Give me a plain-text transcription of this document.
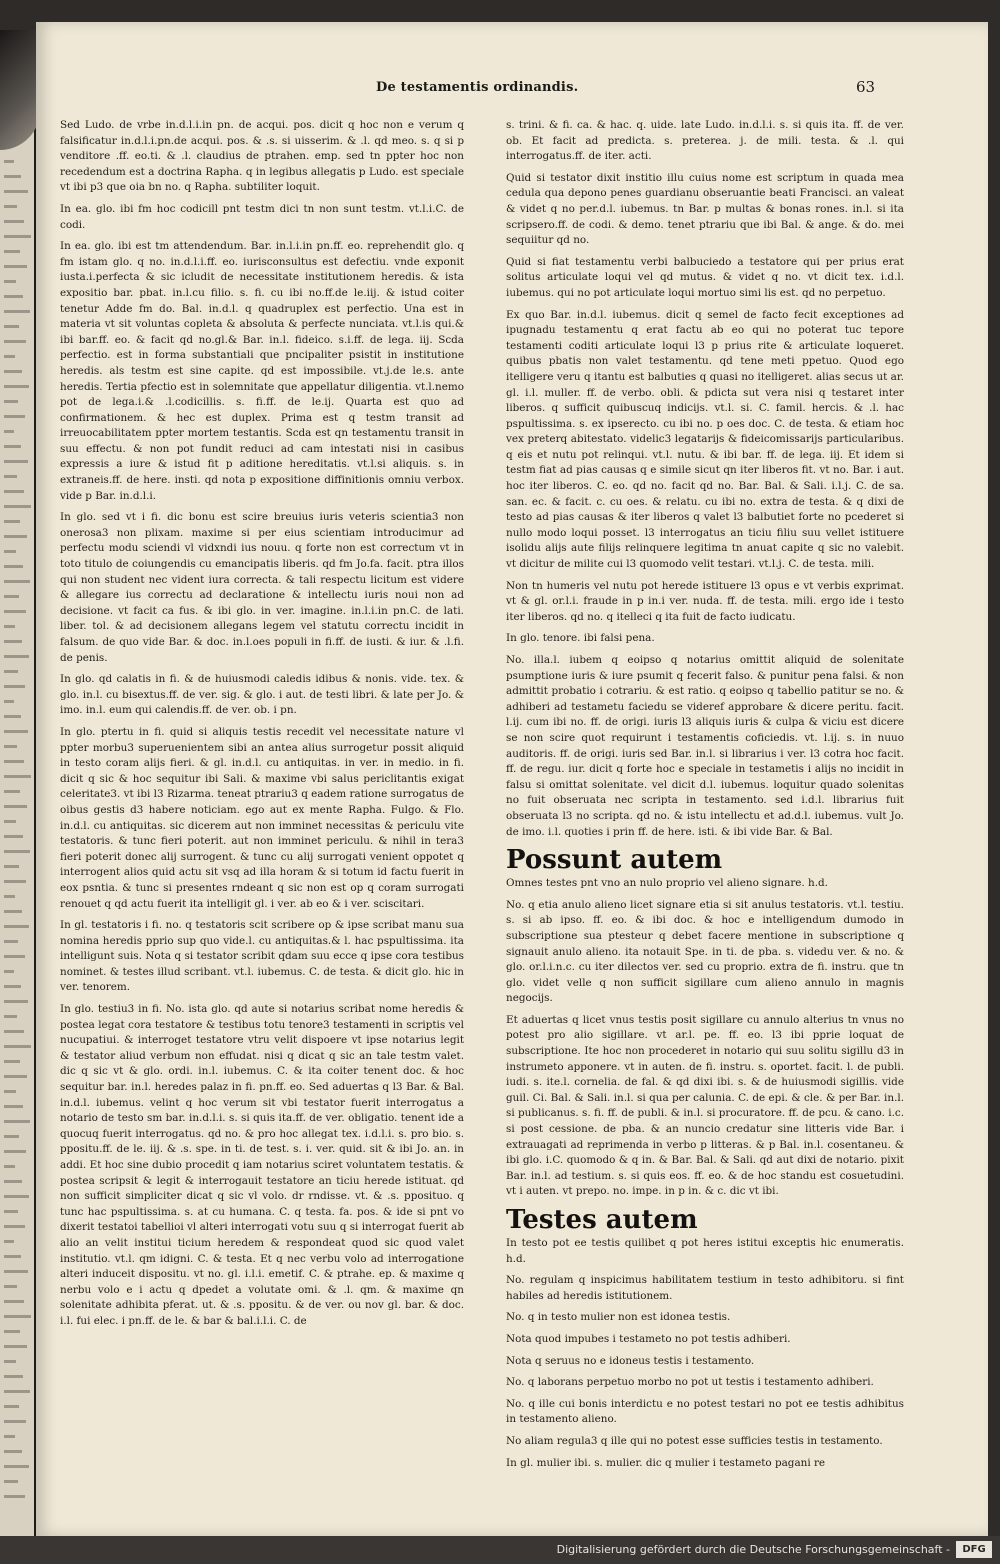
De testamentis ordinandis.	63

Sed Ludo. de vrbe in.d.l.i.in pn. de acqui. pos. dicit q hoc non e verum q falsificatur in.d.l.i.pn.de acqui. pos. & .s. si uisserim. & .l. qd meo. s. q si p venditore .ff. eo.ti. & .l. claudius de ptrahen. emp. sed tn ppter hoc non recedendum est a doctrina Rapha. q in legibus allegatis p Ludo. est speciale vt ibi p3 que oia bn no. q Rapha. subtiliter loquit.

In ea. glo. ibi fm hoc codicill pnt testm dici tn non sunt testm. vt.l.i.C. de codi.

In ea. glo. ibi est tm attendendum. Bar. in.l.i.in pn.ff. eo. reprehendit glo. q fm istam glo. q no. in.d.l.i.ff. eo. iurisconsultus est defectiu. vnde exponit iusta.i.perfecta & sic icludit de necessitate institutionem heredis. & ista expositio bar. pbat. in.l.cu filio. s. fi. cu ibi no.ff.de le.iij. & istud coiter tenetur Adde fm do. Bal. in.d.l. q quadruplex est perfectio. Una est in materia vt sit voluntas copleta & absoluta & perfecte nunciata. vt.l.is qui.& ibi bar.ff. eo. & facit qd no.gl.& Bar. in.l. fideico. s.i.ff. de lega. iij. Scda perfectio. est in forma substantiali que pncipaliter psistit in institutione heredis. als testm est sine capite. qd est impossibile. vt.j.de le.s. ante heredis. Tertia pfectio est in solemnitate que appellatur diligentia. vt.l.nemo pot de lega.i.& .l.codicillis. s. fi.ff. de le.ij. Quarta est quo ad confirmationem. & hec est duplex. Prima est q testm transit ad irreuocabilitatem ppter mortem testantis. Scda est qn testamentu transit in suu effectu. & non pot fundit reduci ad cam intestati nisi in casibus expressis a iure & istud fit p aditione hereditatis. vt.l.si aliquis. s. in extraneis.ff. de here. insti. qd nota p expositione diffinitionis omniu verbox. vide p Bar. in.d.l.i.

In glo. sed vt i fi. dic bonu est scire breuius iuris veteris scientia3 non onerosa3 non plixam. maxime si per eius scientiam introducimur ad perfectu modu sciendi vl vidxndi ius nouu. q forte non est correctum vt in toto titulo de coiungendis cu emancipatis liberis. qd fm Jo.fa. facit. ptra illos qui non student nec vident iura correcta. & tali respectu licitum est videre & allegare ius correctu ad declaratione & intellectu iuris noui non ad decisione. vt facit ca fus. & ibi glo. in ver. imagine. in.l.i.in pn.C. de lati. liber. tol. & ad decisionem allegans legem vel statutu correctu incidit in falsum. de quo vide Bar. & doc. in.l.oes populi in fi.ff. de iusti. & iur. & .l.fi. de penis.

In glo. qd calatis in fi. & de huiusmodi caledis idibus & nonis. vide. tex. & glo. in.l. cu bisextus.ff. de ver. sig. & glo. i aut. de testi libri. & late per Jo. & imo. in.l. eum qui calendis.ff. de ver. ob. i pn.

In glo. ptertu in fi. quid si aliquis testis recedit vel necessitate nature vl ppter morbu3 superuenientem sibi an antea alius surrogetur possit aliquid in testo coram alijs fieri. & gl. in.d.l. cu antiquitas. in ver. in medio. in fi. dicit q sic & hoc sequitur ibi Sali. & maxime vbi salus periclitantis exigat celeritate3. vt ibi l3 Rizarma. teneat ptrariu3 q eadem ratione surrogatus de oibus gestis d3 habere noticiam. ego aut ex mente Rapha. Fulgo. & Flo. in.d.l. cu antiquitas. sic dicerem aut non imminet necessitas & periculu vite testatoris. & tunc fieri poterit. aut non imminet periculu. & nihil in tera3 fieri poterit donec alij surrogent. & tunc cu alij surrogati venient oppotet q interrogent alios quid actu sit vsq ad illa horam & si totum id factu fuerit in eox psntia. & tunc si presentes rndeant q sic non est op q coram surrogati renouet q qd actu fuerit ita intelligit gl. i ver. ab eo & i ver. sciscitari.

In gl. testatoris i fi. no. q testatoris scit scribere op & ipse scribat manu sua nomina heredis pprio sup quo vide.l. cu antiquitas.& l. hac pspultissima. ita intelligunt suis. Nota q si testator scribit qdam suu ecce q ipse cora testibus nominet. & testes illud scribant. vt.l. iubemus. C. de testa. & dicit glo. hic in ver. tenorem.

In glo. testiu3 in fi. No. ista glo. qd aute si notarius scribat nome heredis & postea legat cora testatore & testibus totu tenore3 testamenti in scriptis vel nucupatiui. & interroget testatore vtru velit dispoere vt ipse notarius legit & testator aliud verbum non effudat. nisi q dicat q sic an tale testm valet. dic q sic vt & glo. ordi. in.l. iubemus. C. & ita coiter tenent doc. & hoc sequitur bar. in.l. heredes palaz in fi. pn.ff. eo. Sed aduertas q l3 Bar. & Bal. in.d.l. iubemus. velint q hoc verum sit vbi testator fuerit interrogatus a notario de testo sm bar. in.d.l.i. s. si quis ita.ff. de ver. obligatio. tenent ide a quocuq fuerit interrogatus. qd no. & pro hoc allegat tex. i.d.l.i. s. pro bio. s. ppositu.ff. de le. iij. & .s. spe. in ti. de test. s. i. ver. quid. sit & ibi Jo. an. in addi. Et hoc sine dubio procedit q iam notarius sciret voluntatem testatis. & postea scripsit & legit & interrogauit testatore an ticiu herede istituat. qd non sufficit simpliciter dicat q sic vl volo. dr rndisse. vt. & .s. pposituo. q tunc hac pspultissima. s. at cu humana. C. q testa. fa. pos. & ide si pnt vo dixerit testatoi tabellioi vl alteri interrogati votu suu q si interrogat fuerit ab alio an velit institui ticium heredem & respondeat quod sic quod valet institutio. vt.l. qm idigni. C. & testa. Et q nec verbu volo ad interrogatione alteri induceit dispositu. vt no. gl. i.l.i. emetif. C. & ptrahe. ep. & maxime q nerbu volo e i actu q dpedet a volutate omi. & .l. qm. & maxime qn solenitate adhibita pferat. ut. & .s. ppositu. & de ver. ou nov gl. bar. & doc. i.l. fui elec. i pn.ff. de le. & bar & bal.i.l.i. C. de

s. trini. & fi. ca. & hac. q. uide. late Ludo. in.d.l.i. s. si quis ita. ff. de ver. ob. Et facit ad predicta. s. preterea. j. de mili. testa. & .l. qui interrogatus.ff. de iter. acti.

Quid si testator dixit institio illu cuius nome est scriptum in quada mea cedula qua depono penes guardianu obseruantie beati Francisci. an valeat & videt q no per.d.l. iubemus. tn Bar. p multas & bonas rones. in.l. si ita scripsero.ff. de codi. & demo. tenet ptrariu que ibi Bal. & ange. & do. mei sequiitur qd no.

Quid si fiat testamentu verbi balbuciedo a testatore qui per prius erat solitus articulate loqui vel qd mutus. & videt q no. vt dicit tex. i.d.l. iubemus. qui no pot articulate loqui mortuo simi lis est. qd no perpetuo.

Ex quo Bar. in.d.l. iubemus. dicit q semel de facto fecit exceptiones ad ipugnadu testamentu q erat factu ab eo qui no poterat tuc tepore testamenti coditi articulate loqui l3 p prius rite & articulate loqueret. quibus pbatis non valet testamentu. qd tene meti ppetuo. Quod ego itelligere veru q itantu est balbuties q quasi no itelligeret. alias secus ut ar. gl. i.l. muller. ff. de verbo. obli. & pdicta sut vera nisi q testaret inter liberos. q sufficit quibuscuq indicijs. vt.l. si. C. famil. hercis. & .l. hac pspultissima. s. ex ipserecto. cu ibi no. p oes doc. C. de testa. & etiam hoc vex preterq abitestato. videlic3 legatarijs & fideicomissarijs particularibus. q eis et nutu pot relinqui. vt.l. nutu. & ibi bar. ff. de lega. iij. Et idem si testm fiat ad pias causas q e simile sicut qn iter liberos fit. vt no. Bar. i aut. hoc iter liberos. C. eo. qd no. facit qd no. Bar. Bal. & Sali. i.l.j. C. de sa. san. ec. & facit. c. cu oes. & relatu. cu ibi no. extra de testa. & q dixi de testo ad pias causas & iter liberos q valet l3 balbutiet forte no pcederet si nullo modo loqui posset. l3 interrogatus an ticiu filiu suu vellet istituere isolidu alijs aute filijs relinquere legitima tn anuat capite q sic no valebit. vt dicitur de milite cui l3 quomodo velit testari. vt.l.j. C. de testa. mili.

Non tn humeris vel nutu pot herede istituere l3 opus e vt verbis exprimat. vt & gl. or.l.i. fraude in p in.i ver. nuda. ff. de testa. mili. ergo ide i testo iter liberos. qd no. q itelleci q ita fuit de facto iudicatu.

In glo. tenore. ibi falsi pena.

No. illa.l. iubem q eoipso q notarius omittit aliquid de solenitate psumptione iuris & iure psumit q fecerit falso. & punitur pena falsi. & non admittit probatio i cotrariu. & est ratio. q eoipso q tabellio patitur se no. & adhiberi ad testametu faciedu se videref approbare & dicere peritu. facit. l.ij. cum ibi no. ff. de origi. iuris l3 aliquis iuris & culpa & viciu est dicere se non scire quot requirunt i testamentis coficiedis. vt. l.ij. s. in nuuo auditoris. ff. de origi. iuris sed Bar. in.l. si librarius i ver. l3 cotra hoc facit. ff. de regu. iur. dicit q forte hoc e speciale in testametis i alijs no incidit in falsu si omittat solenitate. vel dicit d.l. iubemus. loquitur quado solenitas no fuit obseruata nec scripta in testamento. sed i.d.l. librarius fuit obseruata l3 no scripta. qd no. & istu intellectu et ad.d.l. iubemus. vult Jo. de imo. i.l. quoties i prin ff. de here. isti. & ibi vide Bar. & Bal.

Possunt autem

Omnes testes pnt vno an nulo proprio vel alieno signare. h.d.

No. q etia anulo alieno licet signare etia si sit anulus testatoris. vt.l. testiu. s. si ab ipso. ff. eo. & ibi doc. & hoc e intelligendum dumodo in subscriptione sua ptesteur q debet facere mentione in subscriptione q signauit anulo alieno. ita notauit Spe. in ti. de pba. s. videdu ver. & no. & glo. or.l.i.n.c. cu iter dilectos ver. sed cu proprio. extra de fi. instru. que tn glo. videt velle q non sufficit sigillare cum alieno annulo in magnis negocijs.

Et aduertas q licet vnus testis posit sigillare cu annulo alterius tn vnus no potest pro alio sigillare. vt ar.l. pe. ff. eo. l3 ibi pprie loquat de subscriptione. Ite hoc non procederet in notario qui suu solitu sigillu d3 in instrumeto apponere. vt in auten. de fi. instru. s. oportet. facit. l. de publi. iudi. s. ite.l. cornelia. de fal. & qd dixi ibi. s. & de huiusmodi sigillis. vide guil. Ci. Bal. & Sali. in.l. si qua per calunia. C. de epi. & cle. & per Bar. in.l. si publicanus. s. fi. ff. de publi. & in.l. si procuratore. ff. de pcu. & cano. i.c. si post cessione. de pba. & an nuncio credatur sine litteris vide Bar. i extrauagati ad reprimenda in verbo p litteras. & p Bal. in.l. cosentaneu. & ibi glo. i.C. quomodo & q in. & Bar. Bal. & Sali. qd aut dixi de notario. pixit Bar. in.l. ad testium. s. si quis eos. ff. eo. & de hoc standu est cosuetudini. vt i auten. vt prepo. no. impe. in p in. & c. dic vt ibi.

Testes autem

In testo pot ee testis quilibet q pot heres istitui exceptis hic enumeratis. h.d.

No. regulam q inspicimus habilitatem testium in testo adhibitoru. si fint habiles ad heredis istitutionem.

No. q in testo mulier non est idonea testis.

Nota quod impubes i testameto no pot testis adhiberi.

Nota q seruus no e idoneus testis i testamento.

No. q laborans perpetuo morbo no pot ut testis i testamento adhiberi.

No. q ille cui bonis interdictu e no potest testari no pot ee testis adhibitus in testamento alieno.

No aliam regula3 q ille qui no potest esse sufficies testis in testamento.

In gl. mulier ibi. s. mulier. dic q mulier i testameto pagani re

Digitalisierung gefördert durch die Deutsche Forschungsgemeinschaft -	DFG
